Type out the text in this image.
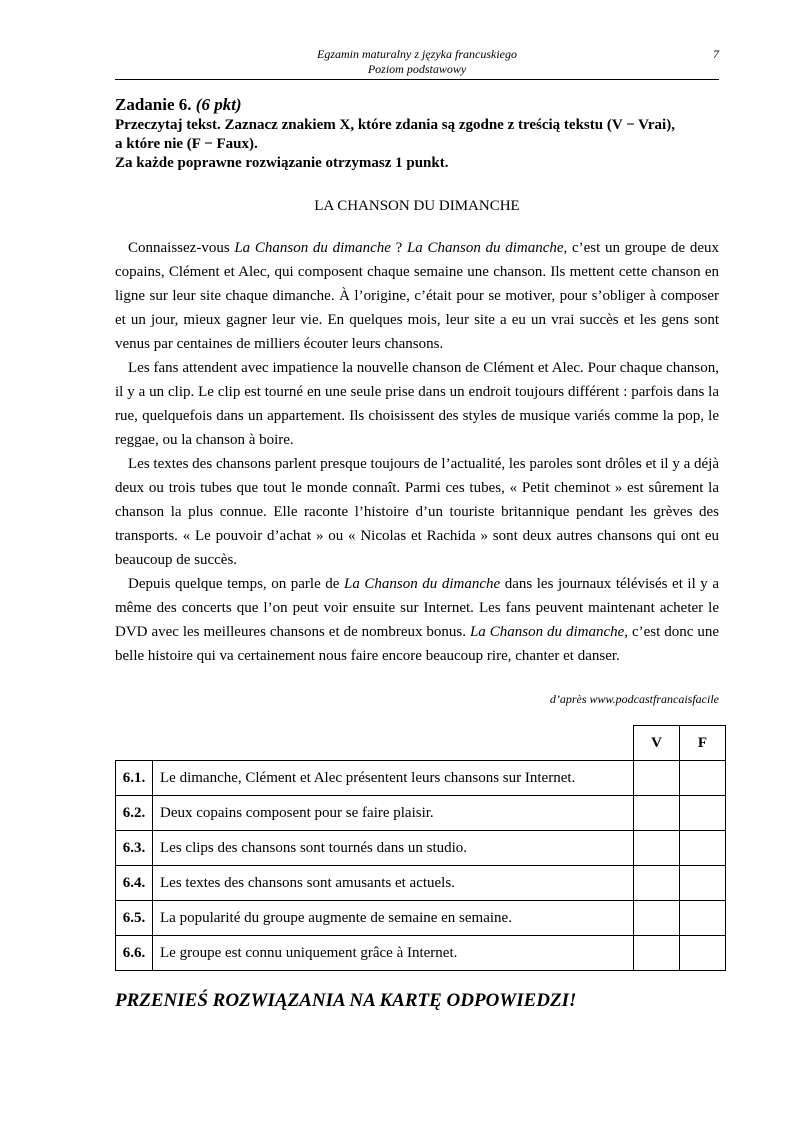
Egzamin maturalny z języka francuskiego
Poziom podstawowy
7
Zadanie 6. (6 pkt)
Przeczytaj tekst. Zaznacz znakiem X, które zdania są zgodne z treścią tekstu (V − Vrai),
a które nie (F − Faux).
Za każde poprawne rozwiązanie otrzymasz 1 punkt.
LA CHANSON DU DIMANCHE

Connaissez-vous La Chanson du dimanche ? La Chanson du dimanche, c’est un groupe de deux copains, Clément et Alec, qui composent chaque semaine une chanson. Ils mettent cette chanson en ligne sur leur site chaque dimanche. À l’origine, c’était pour se motiver, pour s’obliger à composer et un jour, mieux gagner leur vie. En quelques mois, leur site a eu un vrai succès et les gens sont venus par centaines de milliers écouter leurs chansons.

Les fans attendent avec impatience la nouvelle chanson de Clément et Alec. Pour chaque chanson, il y a un clip. Le clip est tourné en une seule prise dans un endroit toujours différent : parfois dans la rue, quelquefois dans un appartement. Ils choisissent des styles de musique variés comme la pop, le reggae, ou la chanson à boire.

Les textes des chansons parlent presque toujours de l’actualité, les paroles sont drôles et il y a déjà deux ou trois tubes que tout le monde connaît. Parmi ces tubes, « Petit cheminot » est sûrement la chanson la plus connue. Elle raconte l’histoire d’un touriste britannique pendant les grèves des transports. « Le pouvoir d’achat » ou « Nicolas et Rachida » sont deux autres chansons qui ont eu beaucoup de succès.

Depuis quelque temps, on parle de La Chanson du dimanche dans les journaux télévisés et il y a même des concerts que l’on peut voir ensuite sur Internet. Les fans peuvent maintenant acheter le DVD avec les meilleures chansons et de nombreux bonus. La Chanson du dimanche, c’est donc une belle histoire qui va certainement nous faire encore beaucoup rire, chanter et danser.

d’après www.podcastfrancaisfacile
		V	F
6.1.	Le dimanche, Clément et Alec présentent leurs chansons sur Internet.		
6.2.	Deux copains composent pour se faire plaisir.		
6.3.	Les clips des chansons sont tournés dans un studio.		
6.4.	Les textes des chansons sont amusants et actuels.		
6.5.	La popularité du groupe augmente de semaine en semaine.		
6.6.	Le groupe est connu uniquement grâce à Internet.		
PRZENIEŚ ROZWIĄZANIA NA KARTĘ ODPOWIEDZI!
